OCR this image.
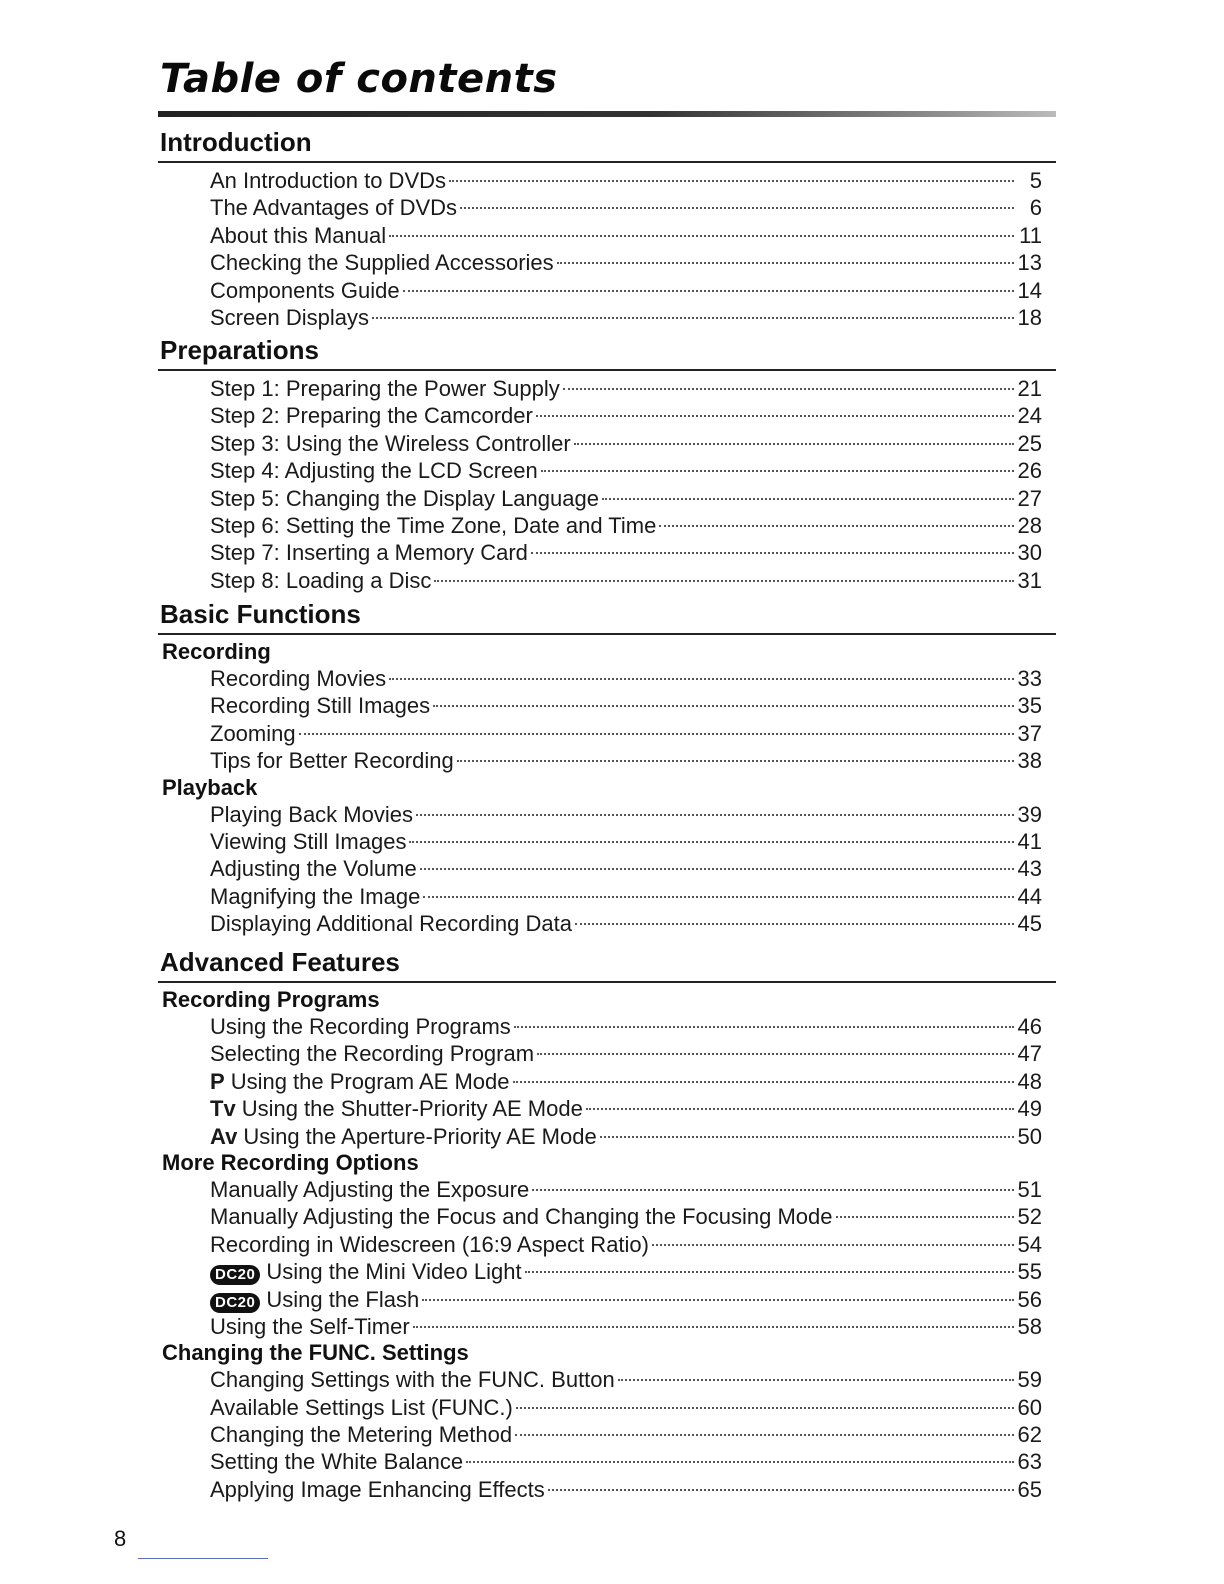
Table of contents
Introduction
An Introduction to DVDs	5
The Advantages of DVDs	6
About this Manual	11
Checking the Supplied Accessories	13
Components Guide	14
Screen Displays	18
Preparations
Step 1: Preparing the Power Supply	21
Step 2: Preparing the Camcorder	24
Step 3: Using the Wireless Controller	25
Step 4: Adjusting the LCD Screen	26
Step 5: Changing the Display Language	27
Step 6: Setting the Time Zone, Date and Time	28
Step 7: Inserting a Memory Card	30
Step 8: Loading a Disc	31
Basic Functions
Recording
Recording Movies	33
Recording Still Images	35
Zooming	37
Tips for Better Recording	38
Playback
Playing Back Movies	39
Viewing Still Images	41
Adjusting the Volume	43
Magnifying the Image	44
Displaying Additional Recording Data	45
Advanced Features
Recording Programs
Using the Recording Programs	46
Selecting the Recording Program	47
P Using the Program AE Mode	48
Tv Using the Shutter-Priority AE Mode	49
Av Using the Aperture-Priority AE Mode	50
More Recording Options
Manually Adjusting the Exposure	51
Manually Adjusting the Focus and Changing the Focusing Mode	52
Recording in Widescreen (16:9 Aspect Ratio)	54
DC20 Using the Mini Video Light	55
DC20 Using the Flash	56
Using the Self-Timer	58
Changing the FUNC. Settings
Changing Settings with the FUNC. Button	59
Available Settings List (FUNC.)	60
Changing the Metering Method	62
Setting the White Balance	63
Applying Image Enhancing Effects	65
8
